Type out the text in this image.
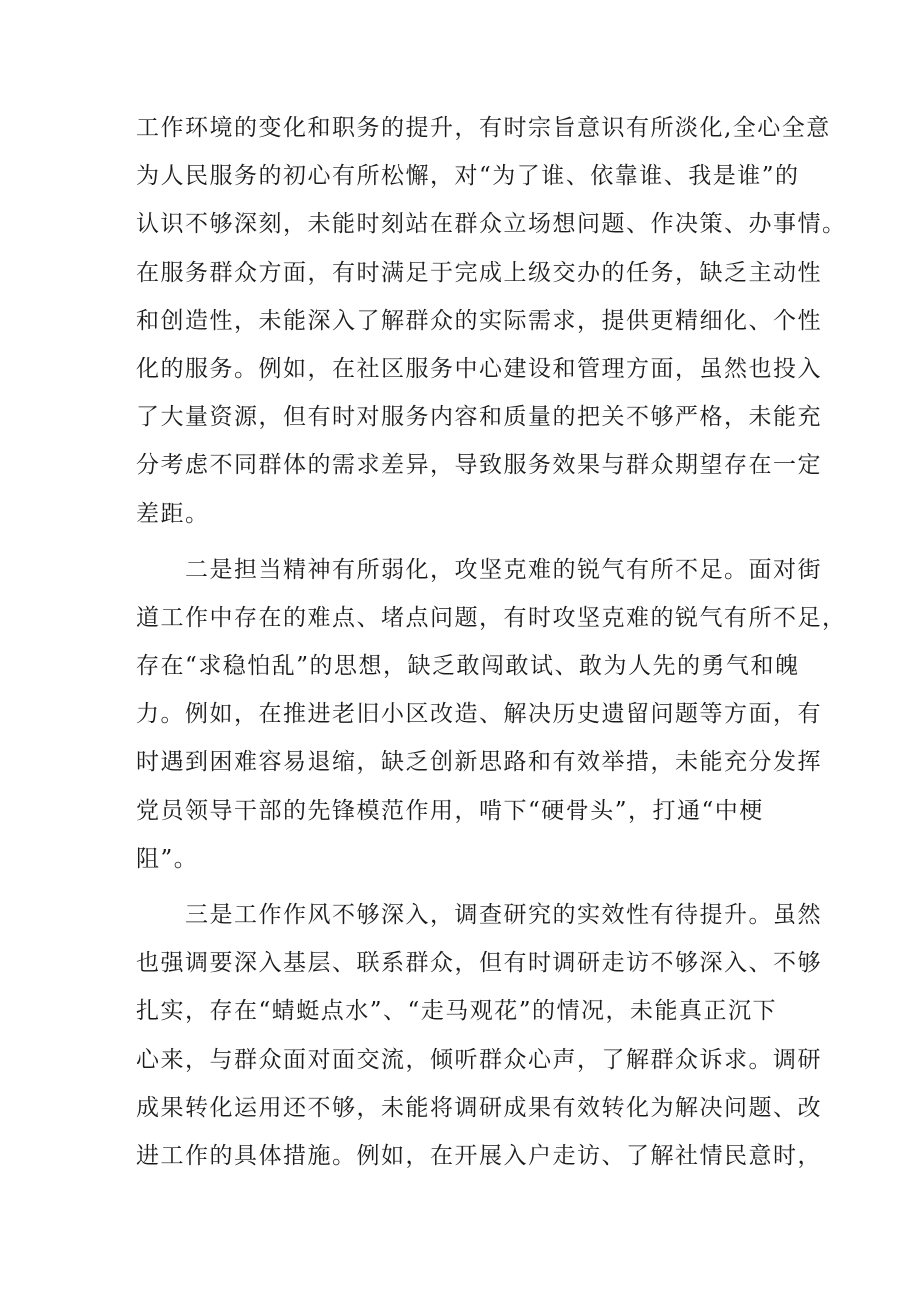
工作环境的变化和职务的提升，有时宗旨意识有所淡化,全心全意
为人民服务的初心有所松懈，对“为了谁、依靠谁、我是谁”的
认识不够深刻，未能时刻站在群众立场想问题、作决策、办事情。
在服务群众方面，有时满足于完成上级交办的任务，缺乏主动性
和创造性，未能深入了解群众的实际需求，提供更精细化、个性
化的服务。例如，在社区服务中心建设和管理方面，虽然也投入
了大量资源，但有时对服务内容和质量的把关不够严格，未能充
分考虑不同群体的需求差异，导致服务效果与群众期望存在一定
差距。
二是担当精神有所弱化，攻坚克难的锐气有所不足。面对街
道工作中存在的难点、堵点问题，有时攻坚克难的锐气有所不足，
存在“求稳怕乱”的思想，缺乏敢闯敢试、敢为人先的勇气和魄
力。例如，在推进老旧小区改造、解决历史遗留问题等方面，有
时遇到困难容易退缩，缺乏创新思路和有效举措，未能充分发挥
党员领导干部的先锋模范作用，啃下“硬骨头”，打通“中梗
阻”。
三是工作作风不够深入，调查研究的实效性有待提升。虽然
也强调要深入基层、联系群众，但有时调研走访不够深入、不够
扎实，存在“蜻蜓点水”、“走马观花”的情况，未能真正沉下
心来，与群众面对面交流，倾听群众心声，了解群众诉求。调研
成果转化运用还不够，未能将调研成果有效转化为解决问题、改
进工作的具体措施。例如，在开展入户走访、了解社情民意时，
